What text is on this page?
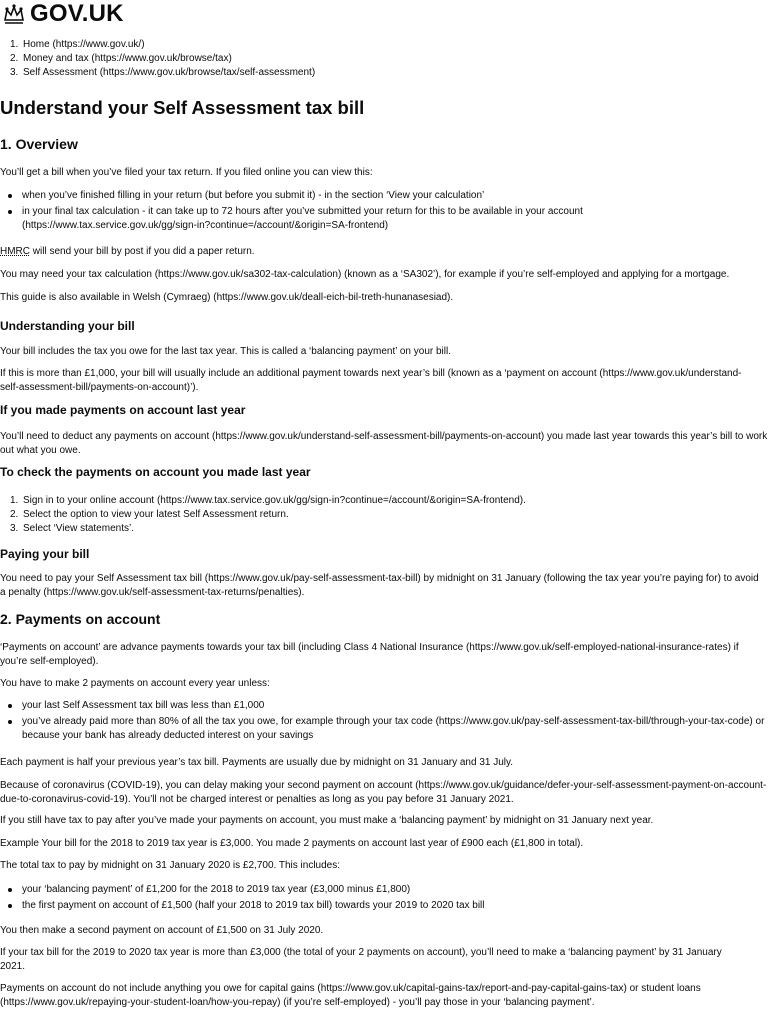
GOV.UK
1. Home (https://www.gov.uk/)
2. Money and tax (https://www.gov.uk/browse/tax)
3. Self Assessment (https://www.gov.uk/browse/tax/self-assessment)
Understand your Self Assessment tax bill
1. Overview

You’ll get a bill when you’ve filed your tax return. If you filed online you can view this:

when you’ve finished filling in your return (but before you submit it) - in the section ‘View your calculation’
in your final tax calculation - it can take up to 72 hours after you’ve submitted your return for this to be available in your account
(https://www.tax.service.gov.uk/gg/sign-in?continue=/account/&origin=SA-frontend)

HMRC will send your bill by post if you did a paper return.

You may need your tax calculation (https://www.gov.uk/sa302-tax-calculation) (known as a ‘SA302’), for example if you’re self-employed and applying for a mortgage.

This guide is also available in Welsh (Cymraeg) (https://www.gov.uk/deall-eich-bil-treth-hunanasesiad).

Understanding your bill

Your bill includes the tax you owe for the last tax year. This is called a ‘balancing payment’ on your bill.

If this is more than £1,000, your bill will usually include an additional payment towards next year’s bill (known as a ‘payment on account (https://www.gov.uk/understand-
self-assessment-bill/payments-on-account)’).

If you made payments on account last year

You’ll need to deduct any payments on account (https://www.gov.uk/understand-self-assessment-bill/payments-on-account) you made last year towards this year’s bill to work
out what you owe.

To check the payments on account you made last year
1. Sign in to your online account (https://www.tax.service.gov.uk/gg/sign-in?continue=/account/&origin=SA-frontend).
2. Select the option to view your latest Self Assessment return.
3. Select ‘View statements’.
Paying your bill

You need to pay your Self Assessment tax bill (https://www.gov.uk/pay-self-assessment-tax-bill) by midnight on 31 January (following the tax year you’re paying for) to avoid
a penalty (https://www.gov.uk/self-assessment-tax-returns/penalties).

2. Payments on account

‘Payments on account’ are advance payments towards your tax bill (including Class 4 National Insurance (https://www.gov.uk/self-employed-national-insurance-rates) if
you’re self-employed).

You have to make 2 payments on account every year unless:

your last Self Assessment tax bill was less than £1,000
you’ve already paid more than 80% of all the tax you owe, for example through your tax code (https://www.gov.uk/pay-self-assessment-tax-bill/through-your-tax-code) or
because your bank has already deducted interest on your savings

Each payment is half your previous year’s tax bill. Payments are usually due by midnight on 31 January and 31 July.

Because of coronavirus (COVID-19), you can delay making your second payment on account (https://www.gov.uk/guidance/defer-your-self-assessment-payment-on-account-
due-to-coronavirus-covid-19). You’ll not be charged interest or penalties as long as you pay before 31 January 2021.

If you still have tax to pay after you’ve made your payments on account, you must make a ‘balancing payment’ by midnight on 31 January next year.

Example Your bill for the 2018 to 2019 tax year is £3,000. You made 2 payments on account last year of £900 each (£1,800 in total).

The total tax to pay by midnight on 31 January 2020 is £2,700. This includes:

your ‘balancing payment’ of £1,200 for the 2018 to 2019 tax year (£3,000 minus £1,800)
the first payment on account of £1,500 (half your 2018 to 2019 tax bill) towards your 2019 to 2020 tax bill

You then make a second payment on account of £1,500 on 31 July 2020.

If your tax bill for the 2019 to 2020 tax year is more than £3,000 (the total of your 2 payments on account), you’ll need to make a ‘balancing payment’ by 31 January
2021.

Payments on account do not include anything you owe for capital gains (https://www.gov.uk/capital-gains-tax/report-and-pay-capital-gains-tax) or student loans
(https://www.gov.uk/repaying-your-student-loan/how-you-repay) (if you’re self-employed) - you’ll pay those in your ‘balancing payment’.
